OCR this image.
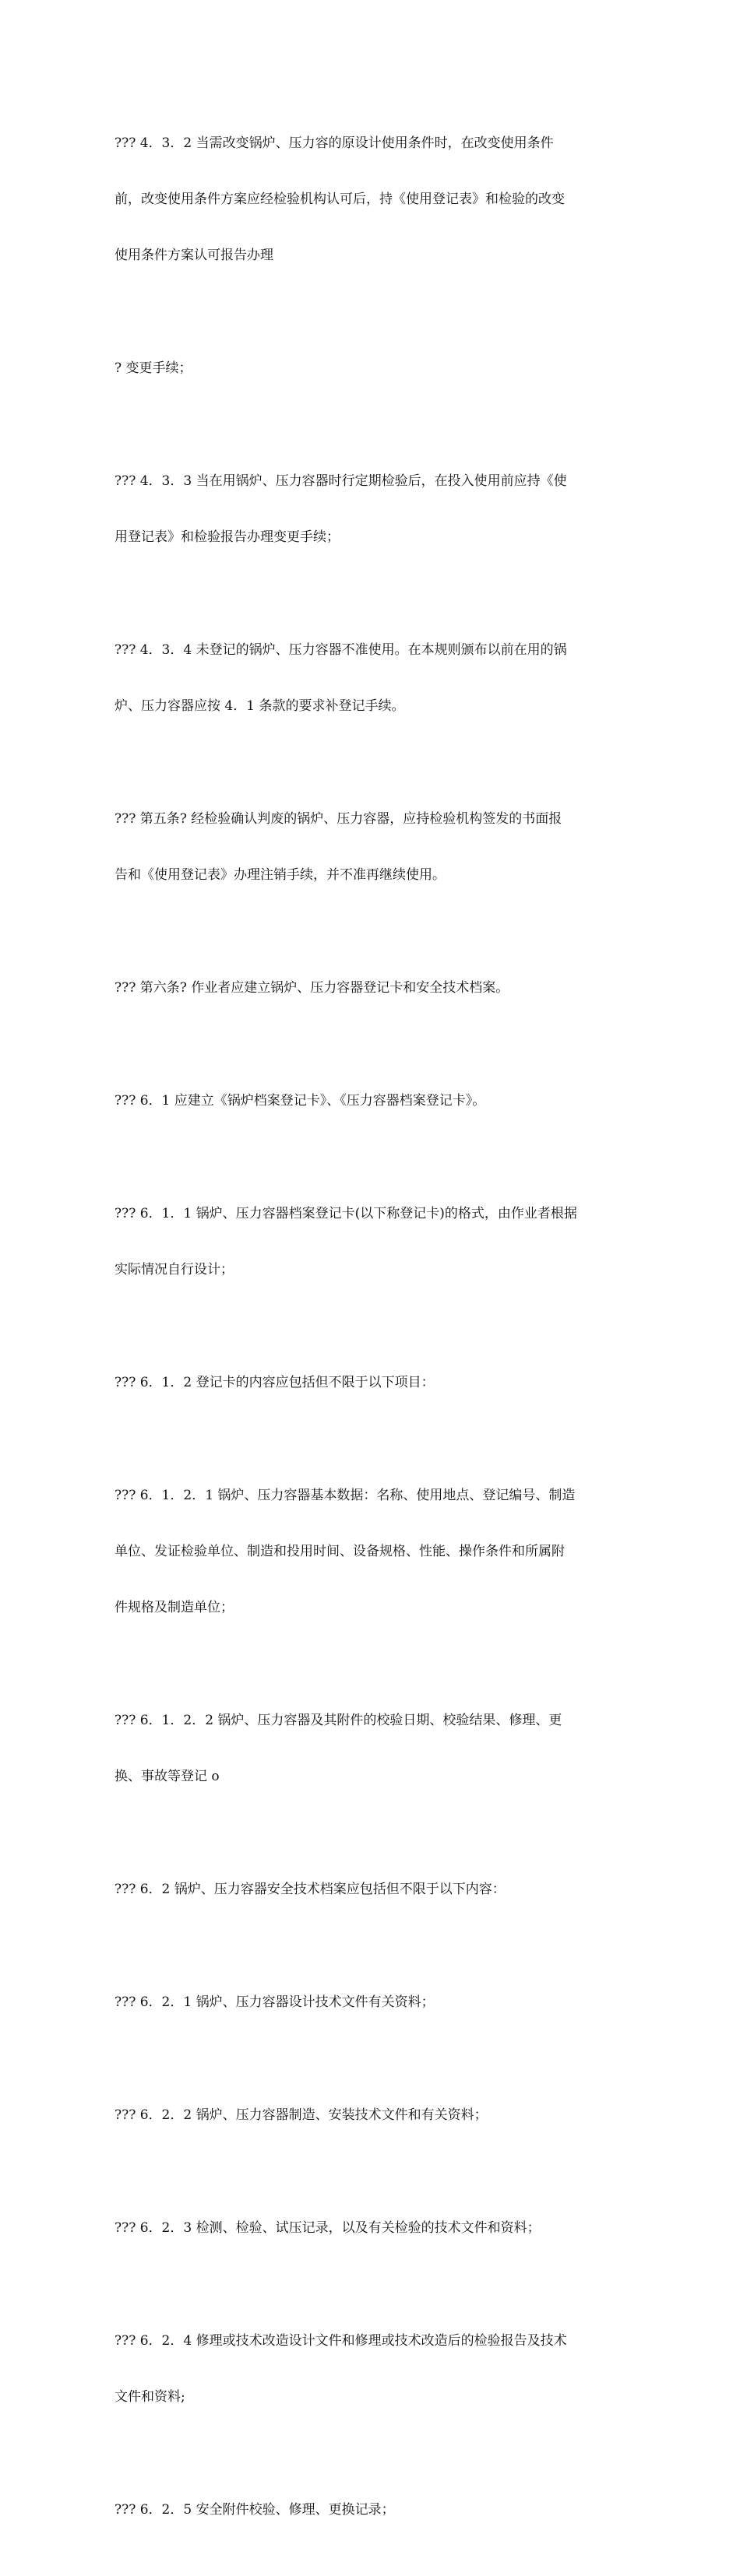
??? 4．3．2 当需改变锅炉、压力容的原设计使用条件时，在改变使用条件

前，改变使用条件方案应经检验机构认可后，持《使用登记表》和检验的改变

使用条件方案认可报告办理

? 变更手续；

??? 4．3．3 当在用锅炉、压力容器时行定期检验后，在投入使用前应持《使

用登记表》和检验报告办理变更手续；

??? 4．3．4 未登记的锅炉、压力容器不准使用。在本规则颁布以前在用的锅

炉、压力容器应按 4．1 条款的要求补登记手续。

??? 第五条? 经检验确认判废的锅炉、压力容器，应持检验机构签发的书面报

告和《使用登记表》办理注销手续，并不准再继续使用。

??? 第六条? 作业者应建立锅炉、压力容器登记卡和安全技术档案。

??? 6．1 应建立《锅炉档案登记卡》、《压力容器档案登记卡》。

??? 6．1．1 锅炉、压力容器档案登记卡(以下称登记卡)的格式，由作业者根据

实际情况自行设计；

??? 6．1．2 登记卡的内容应包括但不限于以下项目：

??? 6．1．2．1 锅炉、压力容器基本数据：名称、使用地点、登记编号、制造

单位、发证检验单位、制造和投用时间、设备规格、性能、操作条件和所属附

件规格及制造单位；

??? 6．1．2．2 锅炉、压力容器及其附件的校验日期、校验结果、修理、更

换、事故等登记 o

??? 6．2 锅炉、压力容器安全技术档案应包括但不限于以下内容：

??? 6．2．1 锅炉、压力容器设计技术文件有关资料；

??? 6．2．2 锅炉、压力容器制造、安装技术文件和有关资料；

??? 6．2．3 检测、检验、试压记录，以及有关检验的技术文件和资料；

??? 6．2．4 修理或技术改造设计文件和修理或技术改造后的检验报告及技术

文件和资料;

??? 6．2．5 安全附件校验、修理、更换记录；
